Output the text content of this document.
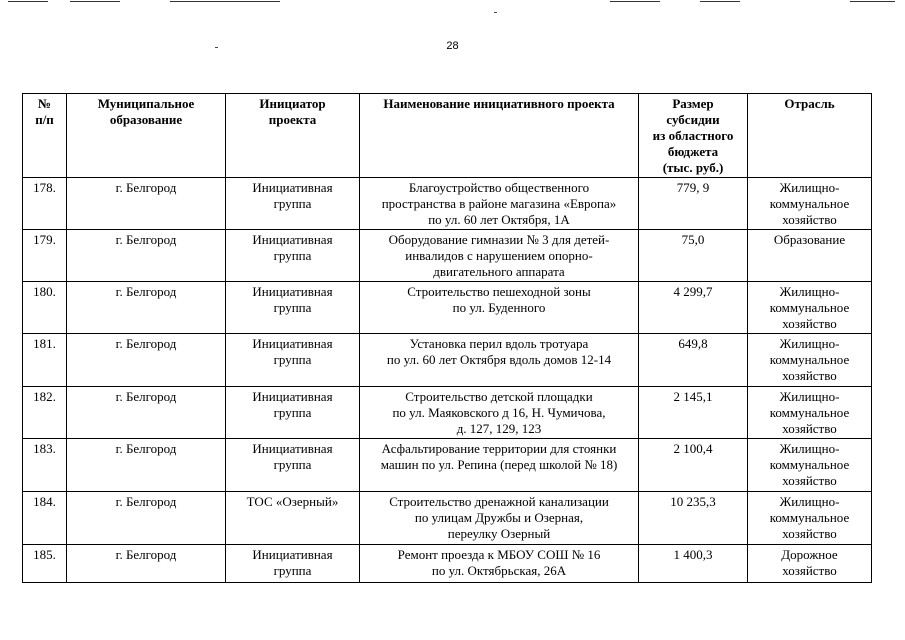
28
№
п/п	Муниципальное
образование	Инициатор
проекта	Наименование инициативного проекта	Размер
субсидии
из областного
бюджета
(тыс. руб.)	Отрасль
178.	г. Белгород	Инициативная
группа	Благоустройство общественного
пространства в районе магазина «Европа»
по ул. 60 лет Октября, 1А	779, 9	Жилищно-
коммунальное
хозяйство
179.	г. Белгород	Инициативная
группа	Оборудование гимназии № 3 для детей-
инвалидов с нарушением опорно-
двигательного аппарата	75,0	Образование
180.	г. Белгород	Инициативная
группа	Строительство пешеходной зоны
по ул. Буденного	4 299,7	Жилищно-
коммунальное
хозяйство
181.	г. Белгород	Инициативная
группа	Установка перил вдоль тротуара
по ул. 60 лет Октября вдоль домов 12-14	649,8	Жилищно-
коммунальное
хозяйство
182.	г. Белгород	Инициативная
группа	Строительство детской площадки
по ул. Маяковского д 16, Н. Чумичова,
д. 127, 129, 123	2 145,1	Жилищно-
коммунальное
хозяйство
183.	г. Белгород	Инициативная
группа	Асфальтирование территории для стоянки
машин по ул. Репина (перед школой № 18)	2 100,4	Жилищно-
коммунальное
хозяйство
184.	г. Белгород	ТОС «Озерный»	Строительство дренажной канализации
по улицам Дружбы и Озерная,
переулку Озерный	10 235,3	Жилищно-
коммунальное
хозяйство
185.	г. Белгород	Инициативная
группа	Ремонт проезда к МБОУ СОШ № 16
по ул. Октябрьская, 26А	1 400,3	Дорожное
хозяйство
